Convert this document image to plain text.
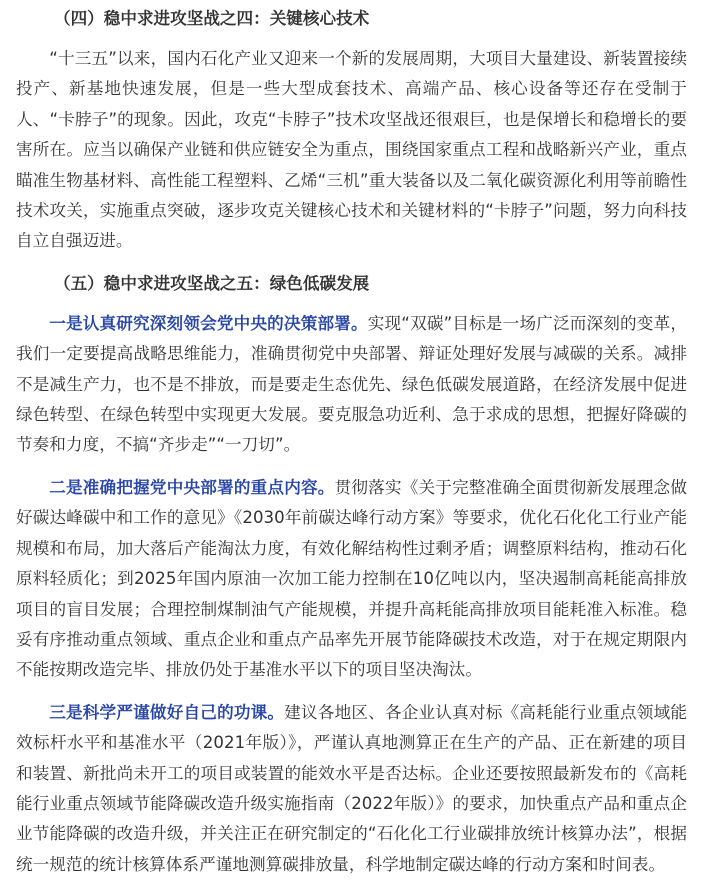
（四）稳中求进攻坚战之四：关键核心技术

“十三五”以来，国内石化产业又迎来一个新的发展周期，大项目大量建设、新装置接续投产、新基地快速发展，但是一些大型成套技术、高端产品、核心设备等还存在受制于人、“卡脖子”的现象。因此，攻克“卡脖子”技术攻坚战还很艰巨，也是保增长和稳增长的要害所在。应当以确保产业链和供应链安全为重点，围绕国家重点工程和战略新兴产业，重点瞄准生物基材料、高性能工程塑料、乙烯“三机”重大装备以及二氧化碳资源化利用等前瞻性技术攻关，实施重点突破，逐步攻克关键核心技术和关键材料的“卡脖子”问题，努力向科技自立自强迈进。

（五）稳中求进攻坚战之五：绿色低碳发展

一是认真研究深刻领会党中央的决策部署。实现“双碳”目标是一场广泛而深刻的变革，我们一定要提高战略思维能力，准确贯彻党中央部署、辩证处理好发展与减碳的关系。减排不是减生产力，也不是不排放，而是要走生态优先、绿色低碳发展道路，在经济发展中促进绿色转型、在绿色转型中实现更大发展。要克服急功近利、急于求成的思想，把握好降碳的节奏和力度，不搞“齐步走”“一刀切”。

二是准确把握党中央部署的重点内容。贯彻落实《关于完整准确全面贯彻新发展理念做好碳达峰碳中和工作的意见》《2030年前碳达峰行动方案》等要求，优化石化化工行业产能规模和布局，加大落后产能淘汰力度，有效化解结构性过剩矛盾；调整原料结构，推动石化原料轻质化；到2025年国内原油一次加工能力控制在10亿吨以内，坚决遏制高耗能高排放项目的盲目发展；合理控制煤制油气产能规模，并提升高耗能高排放项目能耗准入标准。稳妥有序推动重点领域、重点企业和重点产品率先开展节能降碳技术改造，对于在规定期限内不能按期改造完毕、排放仍处于基准水平以下的项目坚决淘汰。

三是科学严谨做好自己的功课。建议各地区、各企业认真对标《高耗能行业重点领域能效标杆水平和基准水平（2021年版）》，严谨认真地测算正在生产的产品、正在新建的项目和装置、新批尚未开工的项目或装置的能效水平是否达标。企业还要按照最新发布的《高耗能行业重点领域节能降碳改造升级实施指南（2022年版）》的要求，加快重点产品和重点企业节能降碳的改造升级，并关注正在研究制定的“石化化工行业碳排放统计核算办法”，根据统一规范的统计核算体系严谨地测算碳排放量，科学地制定碳达峰的行动方案和时间表。
